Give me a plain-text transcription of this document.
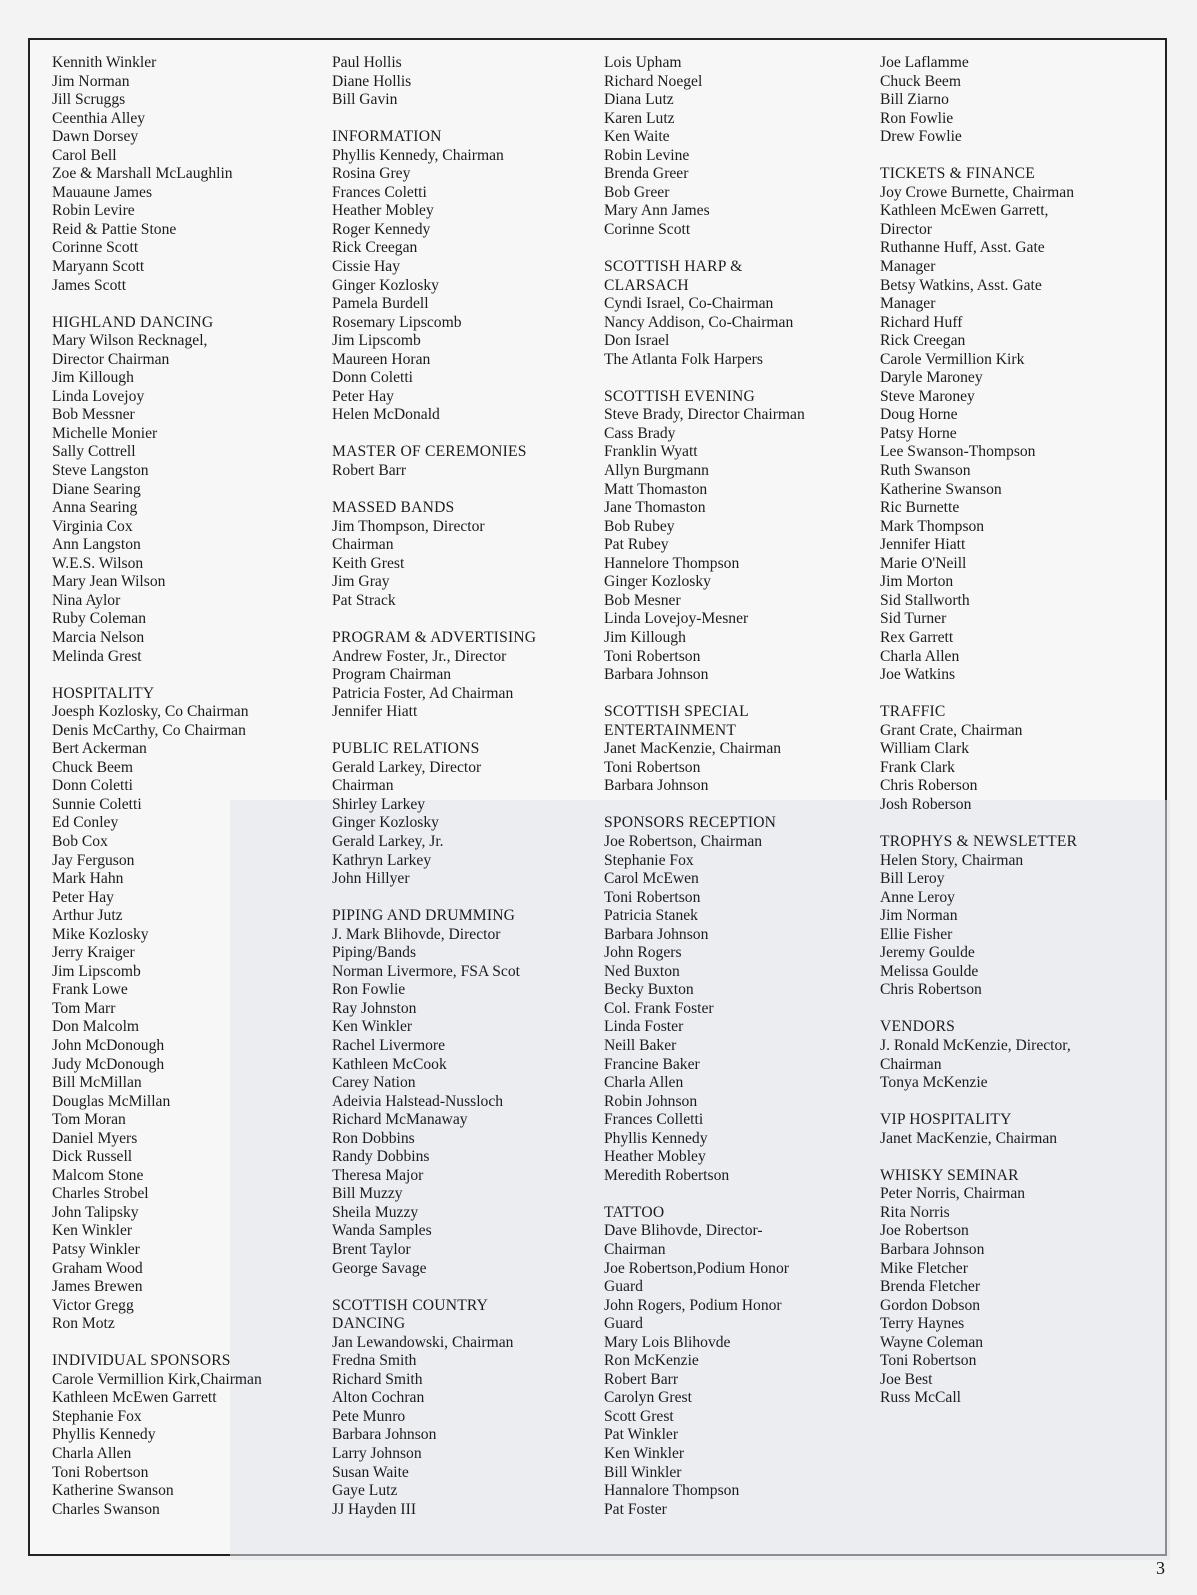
Kennith Winkler
Jim Norman
Jill Scruggs
Ceenthia Alley
Dawn Dorsey
Carol Bell
Zoe & Marshall McLaughlin
Mauaune James
Robin Levire
Reid & Pattie Stone
Corinne Scott
Maryann Scott
James Scott
HIGHLAND DANCING
Mary Wilson Recknagel,
Director Chairman
Jim Killough
Linda Lovejoy
Bob Messner
Michelle Monier
Sally Cottrell
Steve Langston
Diane Searing
Anna Searing
Virginia Cox
Ann Langston
W.E.S. Wilson
Mary Jean Wilson
Nina Aylor
Ruby Coleman
Marcia Nelson
Melinda Grest
HOSPITALITY
Joesph Kozlosky, Co Chairman
Denis McCarthy, Co Chairman
Bert Ackerman
Chuck Beem
Donn Coletti
Sunnie Coletti
Ed Conley
Bob Cox
Jay Ferguson
Mark Hahn
Peter Hay
Arthur Jutz
Mike Kozlosky
Jerry Kraiger
Jim Lipscomb
Frank Lowe
Tom Marr
Don Malcolm
John McDonough
Judy McDonough
Bill McMillan
Douglas McMillan
Tom Moran
Daniel Myers
Dick Russell
Malcom Stone
Charles Strobel
John Talipsky
Ken Winkler
Patsy Winkler
Graham Wood
James Brewen
Victor Gregg
Ron Motz
INDIVIDUAL SPONSORS
Carole Vermillion Kirk,Chairman
Kathleen McEwen Garrett
Stephanie Fox
Phyllis Kennedy
Charla Allen
Toni Robertson
Katherine Swanson
Charles Swanson
Paul Hollis
Diane Hollis
Bill Gavin
INFORMATION
Phyllis Kennedy, Chairman
Rosina Grey
Frances Coletti
Heather Mobley
Roger Kennedy
Rick Creegan
Cissie Hay
Ginger Kozlosky
Pamela Burdell
Rosemary Lipscomb
Jim Lipscomb
Maureen Horan
Donn Coletti
Peter Hay
Helen McDonald
MASTER OF CEREMONIES
Robert Barr
MASSED BANDS
Jim Thompson, Director
Chairman
Keith Grest
Jim Gray
Pat Strack
PROGRAM & ADVERTISING
Andrew Foster, Jr., Director
Program Chairman
Patricia Foster, Ad Chairman
Jennifer Hiatt
PUBLIC RELATIONS
Gerald Larkey, Director
Chairman
Shirley Larkey
Ginger Kozlosky
Gerald Larkey, Jr.
Kathryn Larkey
John Hillyer
PIPING AND DRUMMING
J. Mark Blihovde, Director
Piping/Bands
Norman Livermore, FSA Scot
Ron Fowlie
Ray Johnston
Ken Winkler
Rachel Livermore
Kathleen McCook
Carey Nation
Adeivia Halstead-Nussloch
Richard McManaway
Ron Dobbins
Randy Dobbins
Theresa Major
Bill Muzzy
Sheila Muzzy
Wanda Samples
Brent Taylor
George Savage
SCOTTISH COUNTRY
DANCING
Jan Lewandowski, Chairman
Fredna Smith
Richard Smith
Alton Cochran
Pete Munro
Barbara Johnson
Larry Johnson
Susan Waite
Gaye Lutz
JJ Hayden III
Lois Upham
Richard Noegel
Diana Lutz
Karen Lutz
Ken Waite
Robin Levine
Brenda Greer
Bob Greer
Mary Ann James
Corinne Scott
SCOTTISH HARP &
CLARSACH
Cyndi Israel, Co-Chairman
Nancy Addison, Co-Chairman
Don Israel
The Atlanta Folk Harpers
SCOTTISH EVENING
Steve Brady, Director Chairman
Cass Brady
Franklin Wyatt
Allyn Burgmann
Matt Thomaston
Jane Thomaston
Bob Rubey
Pat Rubey
Hannelore Thompson
Ginger Kozlosky
Bob Mesner
Linda Lovejoy-Mesner
Jim Killough
Toni Robertson
Barbara Johnson
SCOTTISH SPECIAL
ENTERTAINMENT
Janet MacKenzie, Chairman
Toni Robertson
Barbara Johnson
SPONSORS RECEPTION
Joe Robertson, Chairman
Stephanie Fox
Carol McEwen
Toni Robertson
Patricia Stanek
Barbara Johnson
John Rogers
Ned Buxton
Becky Buxton
Col. Frank Foster
Linda Foster
Neill Baker
Francine Baker
Charla Allen
Robin Johnson
Frances Colletti
Phyllis Kennedy
Heather Mobley
Meredith Robertson
TATTOO
Dave Blihovde, Director-
Chairman
Joe Robertson,Podium Honor
Guard
John Rogers, Podium Honor
Guard
Mary Lois Blihovde
Ron McKenzie
Robert Barr
Carolyn Grest
Scott Grest
Pat Winkler
Ken Winkler
Bill Winkler
Hannalore Thompson
Pat Foster
Joe Laflamme
Chuck Beem
Bill Ziarno
Ron Fowlie
Drew Fowlie
TICKETS & FINANCE
Joy Crowe Burnette, Chairman
Kathleen McEwen Garrett,
Director
Ruthanne Huff, Asst. Gate
Manager
Betsy Watkins, Asst. Gate
Manager
Richard Huff
Rick Creegan
Carole Vermillion Kirk
Daryle Maroney
Steve Maroney
Doug Horne
Patsy Horne
Lee Swanson-Thompson
Ruth Swanson
Katherine Swanson
Ric Burnette
Mark Thompson
Jennifer Hiatt
Marie O'Neill
Jim Morton
Sid Stallworth
Sid Turner
Rex Garrett
Charla Allen
Joe Watkins
TRAFFIC
Grant Crate, Chairman
William Clark
Frank Clark
Chris Roberson
Josh Roberson
TROPHYS & NEWSLETTER
Helen Story, Chairman
Bill Leroy
Anne Leroy
Jim Norman
Ellie Fisher
Jeremy Goulde
Melissa Goulde
Chris Robertson
VENDORS
J. Ronald McKenzie, Director,
Chairman
Tonya McKenzie
VIP HOSPITALITY
Janet MacKenzie, Chairman
WHISKY SEMINAR
Peter Norris, Chairman
Rita Norris
Joe Robertson
Barbara Johnson
Mike Fletcher
Brenda Fletcher
Gordon Dobson
Terry Haynes
Wayne Coleman
Toni Robertson
Joe Best
Russ McCall
3
